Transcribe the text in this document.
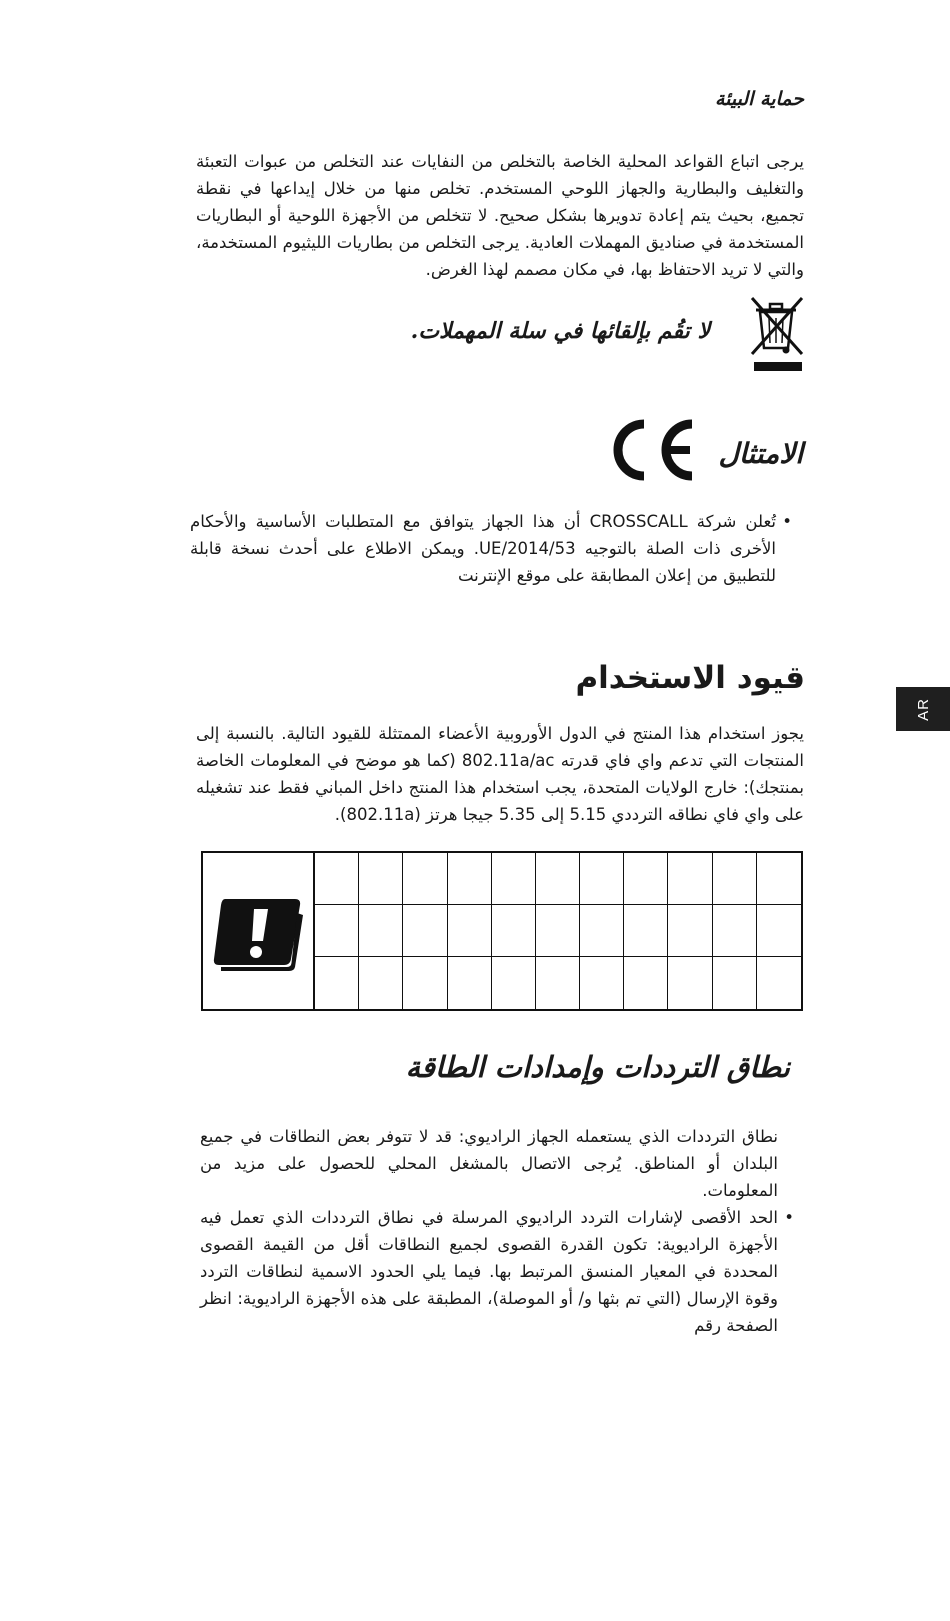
حماية البيئة

يرجى اتباع القواعد المحلية الخاصة بالتخلص من النفايات عند التخلص من عبوات التعبئة والتغليف والبطارية والجهاز اللوحي المستخدم. تخلص منها من خلال إيداعها في نقطة تجميع، بحيث يتم إعادة تدويرها بشكل صحيح. لا تتخلص من الأجهزة اللوحية أو البطاريات المستخدمة في صناديق المهملات العادية. يرجى التخلص من بطاريات الليثيوم المستخدمة، والتي لا تريد الاحتفاظ بها، في مكان مصمم لهذا الغرض.

لا تقُم بإلقائها في سلة المهملات.
الامتثال
•

تُعلن شركة CROSSCALL أن هذا الجهاز يتوافق مع المتطلبات الأساسية والأحكام الأخرى ذات الصلة بالتوجيه 2014/53/UE. ويمكن الاطلاع على أحدث نسخة قابلة للتطبيق من إعلان المطابقة على موقع الإنترنت

قيود الاستخدام

يجوز استخدام هذا المنتج في الدول الأوروبية الأعضاء الممتثلة للقيود التالية. بالنسبة إلى المنتجات التي تدعم واي فاي قدرته 802.11a/ac (كما هو موضح في المعلومات الخاصة بمنتجك): خارج الولايات المتحدة، يجب استخدام هذا المنتج داخل المباني فقط عند تشغيله على واي فاي نطاقه الترددي 5.15 إلى 5.35 جيجا هرتز (802.11a).

AR
نطاق الترددات وإمدادات الطاقة

نطاق الترددات الذي يستعمله الجهاز الراديوي: قد لا تتوفر بعض النطاقات في جميع البلدان أو المناطق. يُرجى الاتصال بالمشغل المحلي للحصول على مزيد من المعلومات.

•

الحد الأقصى لإشارات التردد الراديوي المرسلة في نطاق الترددات الذي تعمل فيه الأجهزة الراديوية: تكون القدرة القصوى لجميع النطاقات أقل من القيمة القصوى المحددة في المعيار المنسق المرتبط بها. فيما يلي الحدود الاسمية لنطاقات التردد وقوة الإرسال (التي تم بثها و/ أو الموصلة)، المطبقة على هذه الأجهزة الراديوية: انظر الصفحة رقم
